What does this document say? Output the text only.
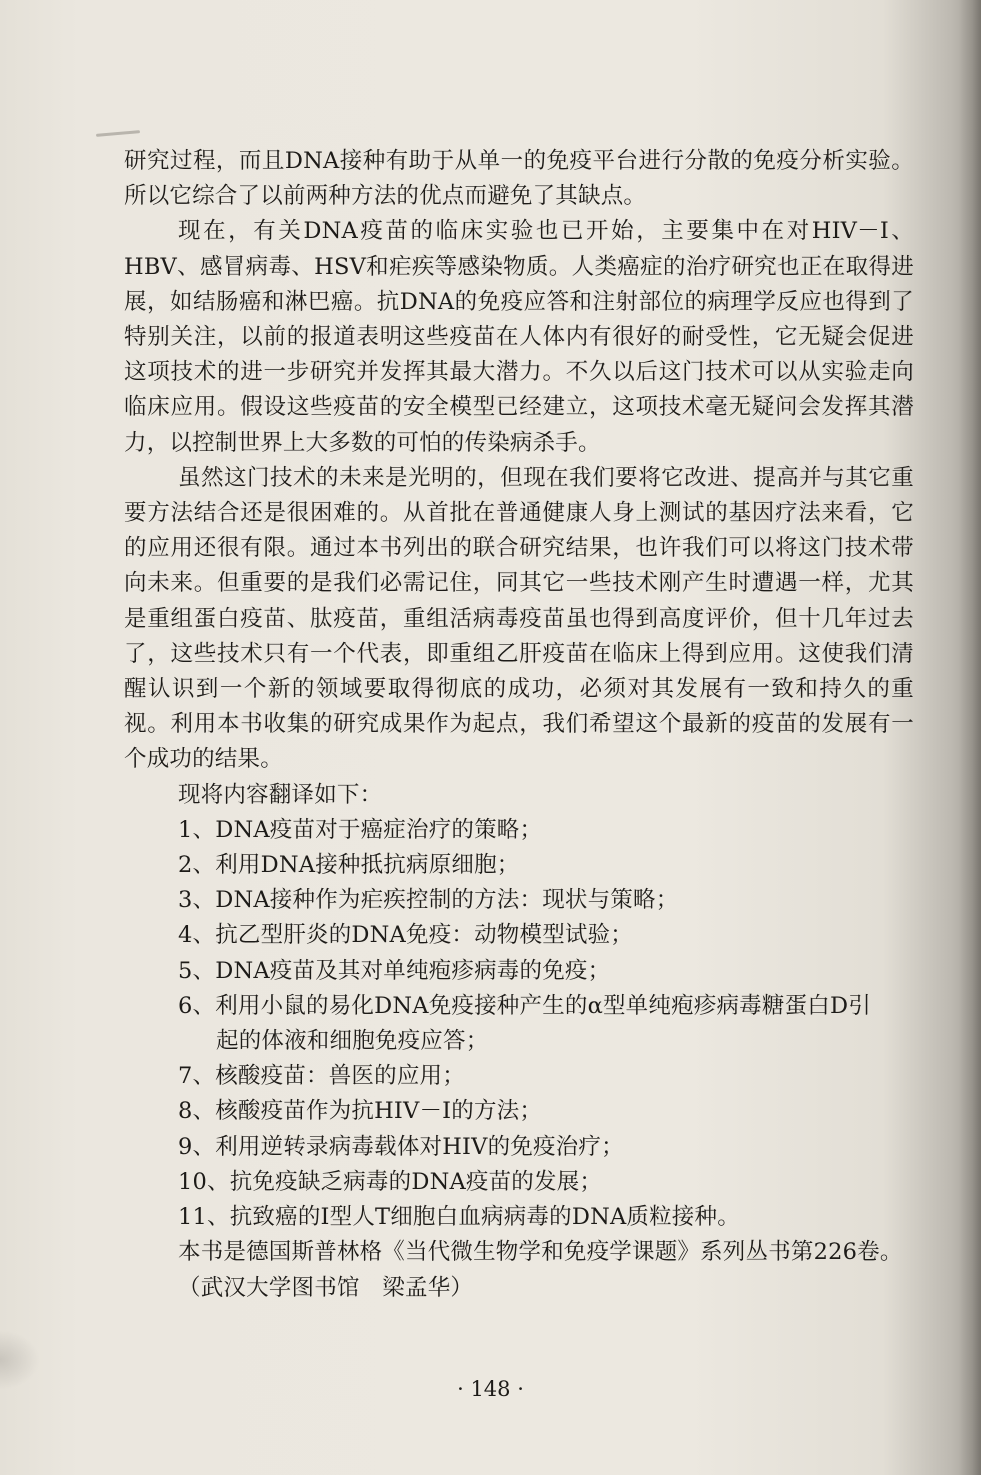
研究过程，而且DNA接种有助于从单一的免疫平台进行分散的免疫分析实验。所以它综合了以前两种方法的优点而避免了其缺点。

现在，有关DNA疫苗的临床实验也已开始，主要集中在对HIV－I、HBV、感冒病毒、HSV和疟疾等感染物质。人类癌症的治疗研究也正在取得进展，如结肠癌和淋巴癌。抗DNA的免疫应答和注射部位的病理学反应也得到了特别关注，以前的报道表明这些疫苗在人体内有很好的耐受性，它无疑会促进这项技术的进一步研究并发挥其最大潜力。不久以后这门技术可以从实验走向临床应用。假设这些疫苗的安全模型已经建立，这项技术毫无疑问会发挥其潜力，以控制世界上大多数的可怕的传染病杀手。

虽然这门技术的未来是光明的，但现在我们要将它改进、提高并与其它重要方法结合还是很困难的。从首批在普通健康人身上测试的基因疗法来看，它的应用还很有限。通过本书列出的联合研究结果，也许我们可以将这门技术带向未来。但重要的是我们必需记住，同其它一些技术刚产生时遭遇一样，尤其是重组蛋白疫苗、肽疫苗，重组活病毒疫苗虽也得到高度评价，但十几年过去了，这些技术只有一个代表，即重组乙肝疫苗在临床上得到应用。这使我们清醒认识到一个新的领域要取得彻底的成功，必须对其发展有一致和持久的重视。利用本书收集的研究成果作为起点，我们希望这个最新的疫苗的发展有一个成功的结果。

现将内容翻译如下：

1、DNA疫苗对于癌症治疗的策略；

2、利用DNA接种抵抗病原细胞；

3、DNA接种作为疟疾控制的方法：现状与策略；

4、抗乙型肝炎的DNA免疫：动物模型试验；

5、DNA疫苗及其对单纯疱疹病毒的免疫；

6、利用小鼠的易化DNA免疫接种产生的α型单纯疱疹病毒糖蛋白D引

起的体液和细胞免疫应答；

7、核酸疫苗：兽医的应用；

8、核酸疫苗作为抗HIV－I的方法；

9、利用逆转录病毒载体对HIV的免疫治疗；

10、抗免疫缺乏病毒的DNA疫苗的发展；

11、抗致癌的I型人T细胞白血病病毒的DNA质粒接种。

本书是德国斯普林格《当代微生物学和免疫学课题》系列丛书第226卷。

（武汉大学图书馆　梁孟华）

· 148 ·
